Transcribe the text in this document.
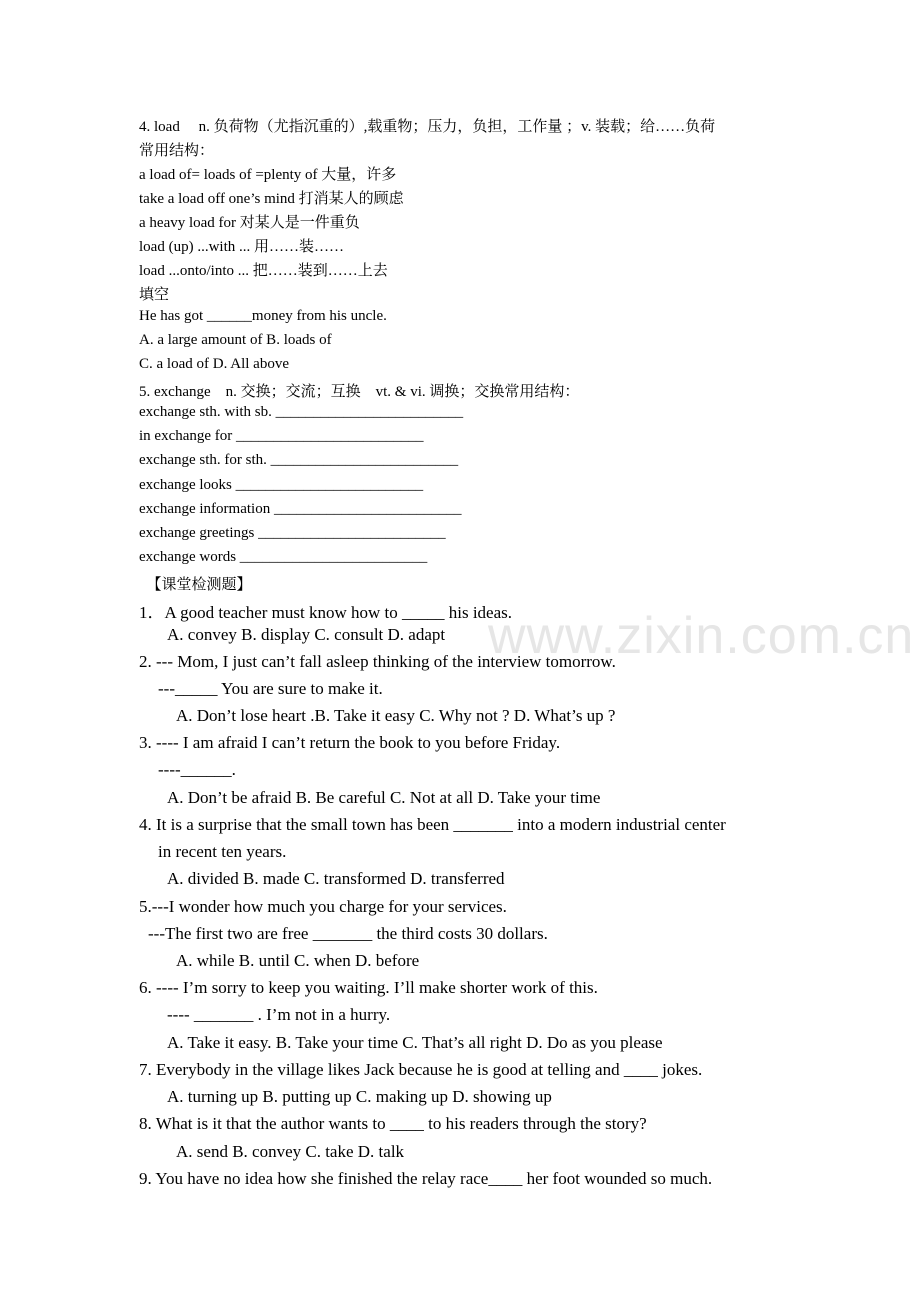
www.zixin.com.cn
4. load　 n. 负荷物（尤指沉重的）,载重物；压力，负担，工作量 ；v. 装载；给……负荷
常用结构：
a load of= loads of =plenty of 大量，许多
take a load off one’s mind 打消某人的顾虑
a heavy load for 对某人是一件重负
load (up) ...with ... 用……装……
load ...onto/into ... 把……装到……上去
填空
He has got ______money from his uncle.
A. a large amount of B. loads of
C. a load of D. All above
5. exchange　n. 交换；交流；互换　vt. & vi. 调换；交换常用结构：
exchange sth. with sb. _________________________
in exchange for _________________________
exchange sth. for sth. _________________________
exchange looks _________________________
exchange information _________________________
exchange greetings _________________________
exchange words _________________________
　【课堂检测题】
1．A good teacher must know how to _____ his ideas.
A. convey B. display C. consult D. adapt
2. --- Mom, I just can’t fall asleep thinking of the interview tomorrow.
---_____ You are sure to make it.
A. Don’t lose heart .B. Take it easy C. Why not ? D. What’s up ?
3. ---- I am afraid I can’t return the book to you before Friday.
----______.
A. Don’t be afraid B. Be careful C. Not at all D. Take your time
4. It is a surprise that the small town has been _______ into a modern industrial center
in recent ten years.
A. divided B. made C. transformed D. transferred
5.---I wonder how much you charge for your services.
---The first two are free _______ the third costs 30 dollars.
A. while B. until C. when D. before
6. ---- I’m sorry to keep you waiting. I’ll make shorter work of this.
---- _______ . I’m not in a hurry.
A. Take it easy. B. Take your time C. That’s all right D. Do as you please
7. Everybody in the village likes Jack because he is good at telling and ____ jokes.
A. turning up B. putting up C. making up D. showing up
8. What is it that the author wants to ____ to his readers through the story?
A. send B. convey C. take D. talk
9. You have no idea how she finished the relay race____ her foot wounded so much.
